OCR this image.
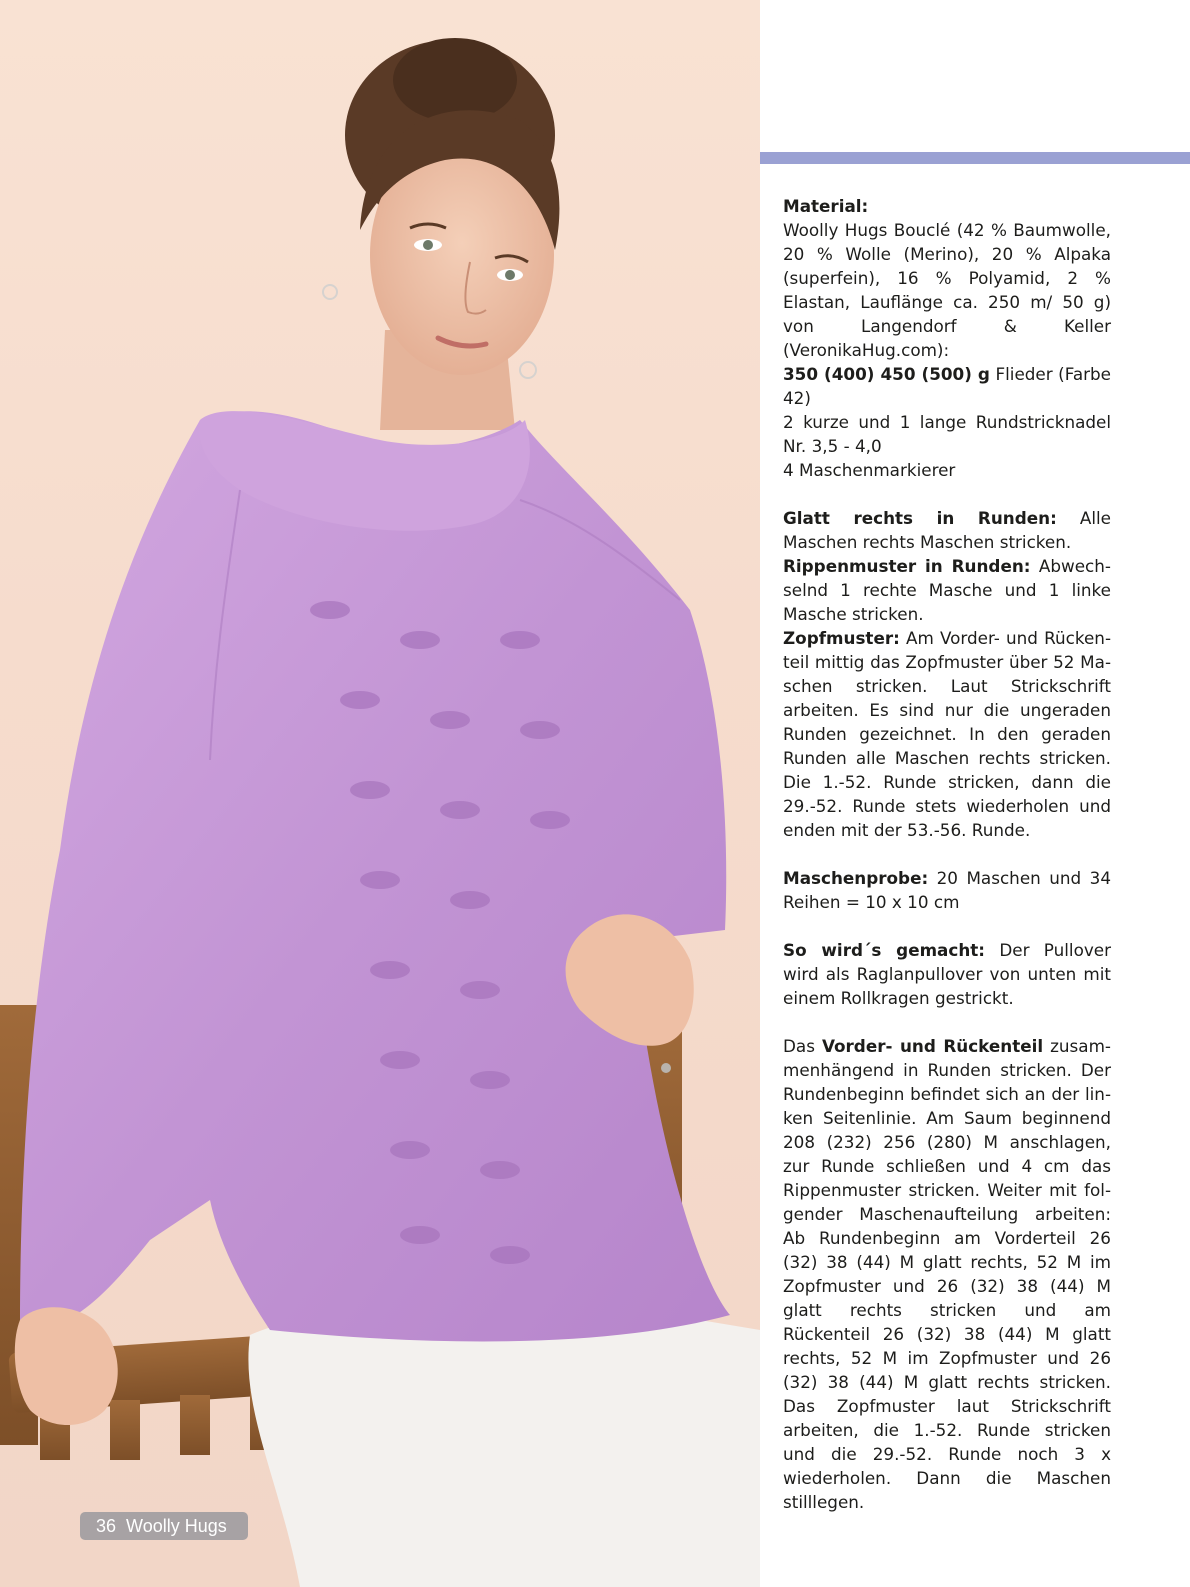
36 Woolly Hugs

Material:

Woolly Hugs Bouclé (42 % Baumwolle, 20 % Wolle (Merino), 20 % Alpaka (superfein), 16 % Polyamid, 2 % Elastan, Lauflänge ca. 250 m/ 50 g) von Langendorf & Keller (VeronikaHug.com):

350 (400) 450 (500) g Flieder (Farbe 42)

2 kurze und 1 lange Rundstricknadel Nr. 3,5 - 4,0

4 Maschenmarkierer

Glatt rechts in Runden: Alle Maschen rechts Maschen stricken.

Rippenmuster in Runden: Abwechselnd 1 rechte Masche und 1 linke Masche stricken.

Zopfmuster: Am Vorder- und Rückenteil mittig das Zopfmuster über 52 Maschen stricken. Laut Strickschrift arbeiten. Es sind nur die ungeraden Runden gezeichnet. In den geraden Runden alle Maschen rechts stricken. Die 1.-52. Runde stricken, dann die 29.-52. Runde stets wiederholen und enden mit der 53.-56. Runde.

Maschenprobe: 20 Maschen und 34 Reihen = 10 x 10 cm

So wird´s gemacht: Der Pullover wird als Raglanpullover von unten mit einem Rollkragen gestrickt.

Das Vorder- und Rückenteil zusammenhängend in Runden stricken. Der Rundenbeginn befindet sich an der linken Seitenlinie. Am Saum beginnend 208 (232) 256 (280) M anschlagen, zur Runde schließen und 4 cm das Rippenmuster stricken. Weiter mit folgender Maschenaufteilung arbeiten: Ab Rundenbeginn am Vorderteil 26 (32) 38 (44) M glatt rechts, 52 M im Zopfmuster und 26 (32) 38 (44) M glatt rechts stricken und am Rückenteil 26 (32) 38 (44) M glatt rechts, 52 M im Zopfmuster und 26 (32) 38 (44) M glatt rechts stricken. Das Zopfmuster laut Strickschrift arbeiten, die 1.-52. Runde stricken und die 29.-52. Runde noch 3 x wiederholen. Dann die Maschen stilllegen.
